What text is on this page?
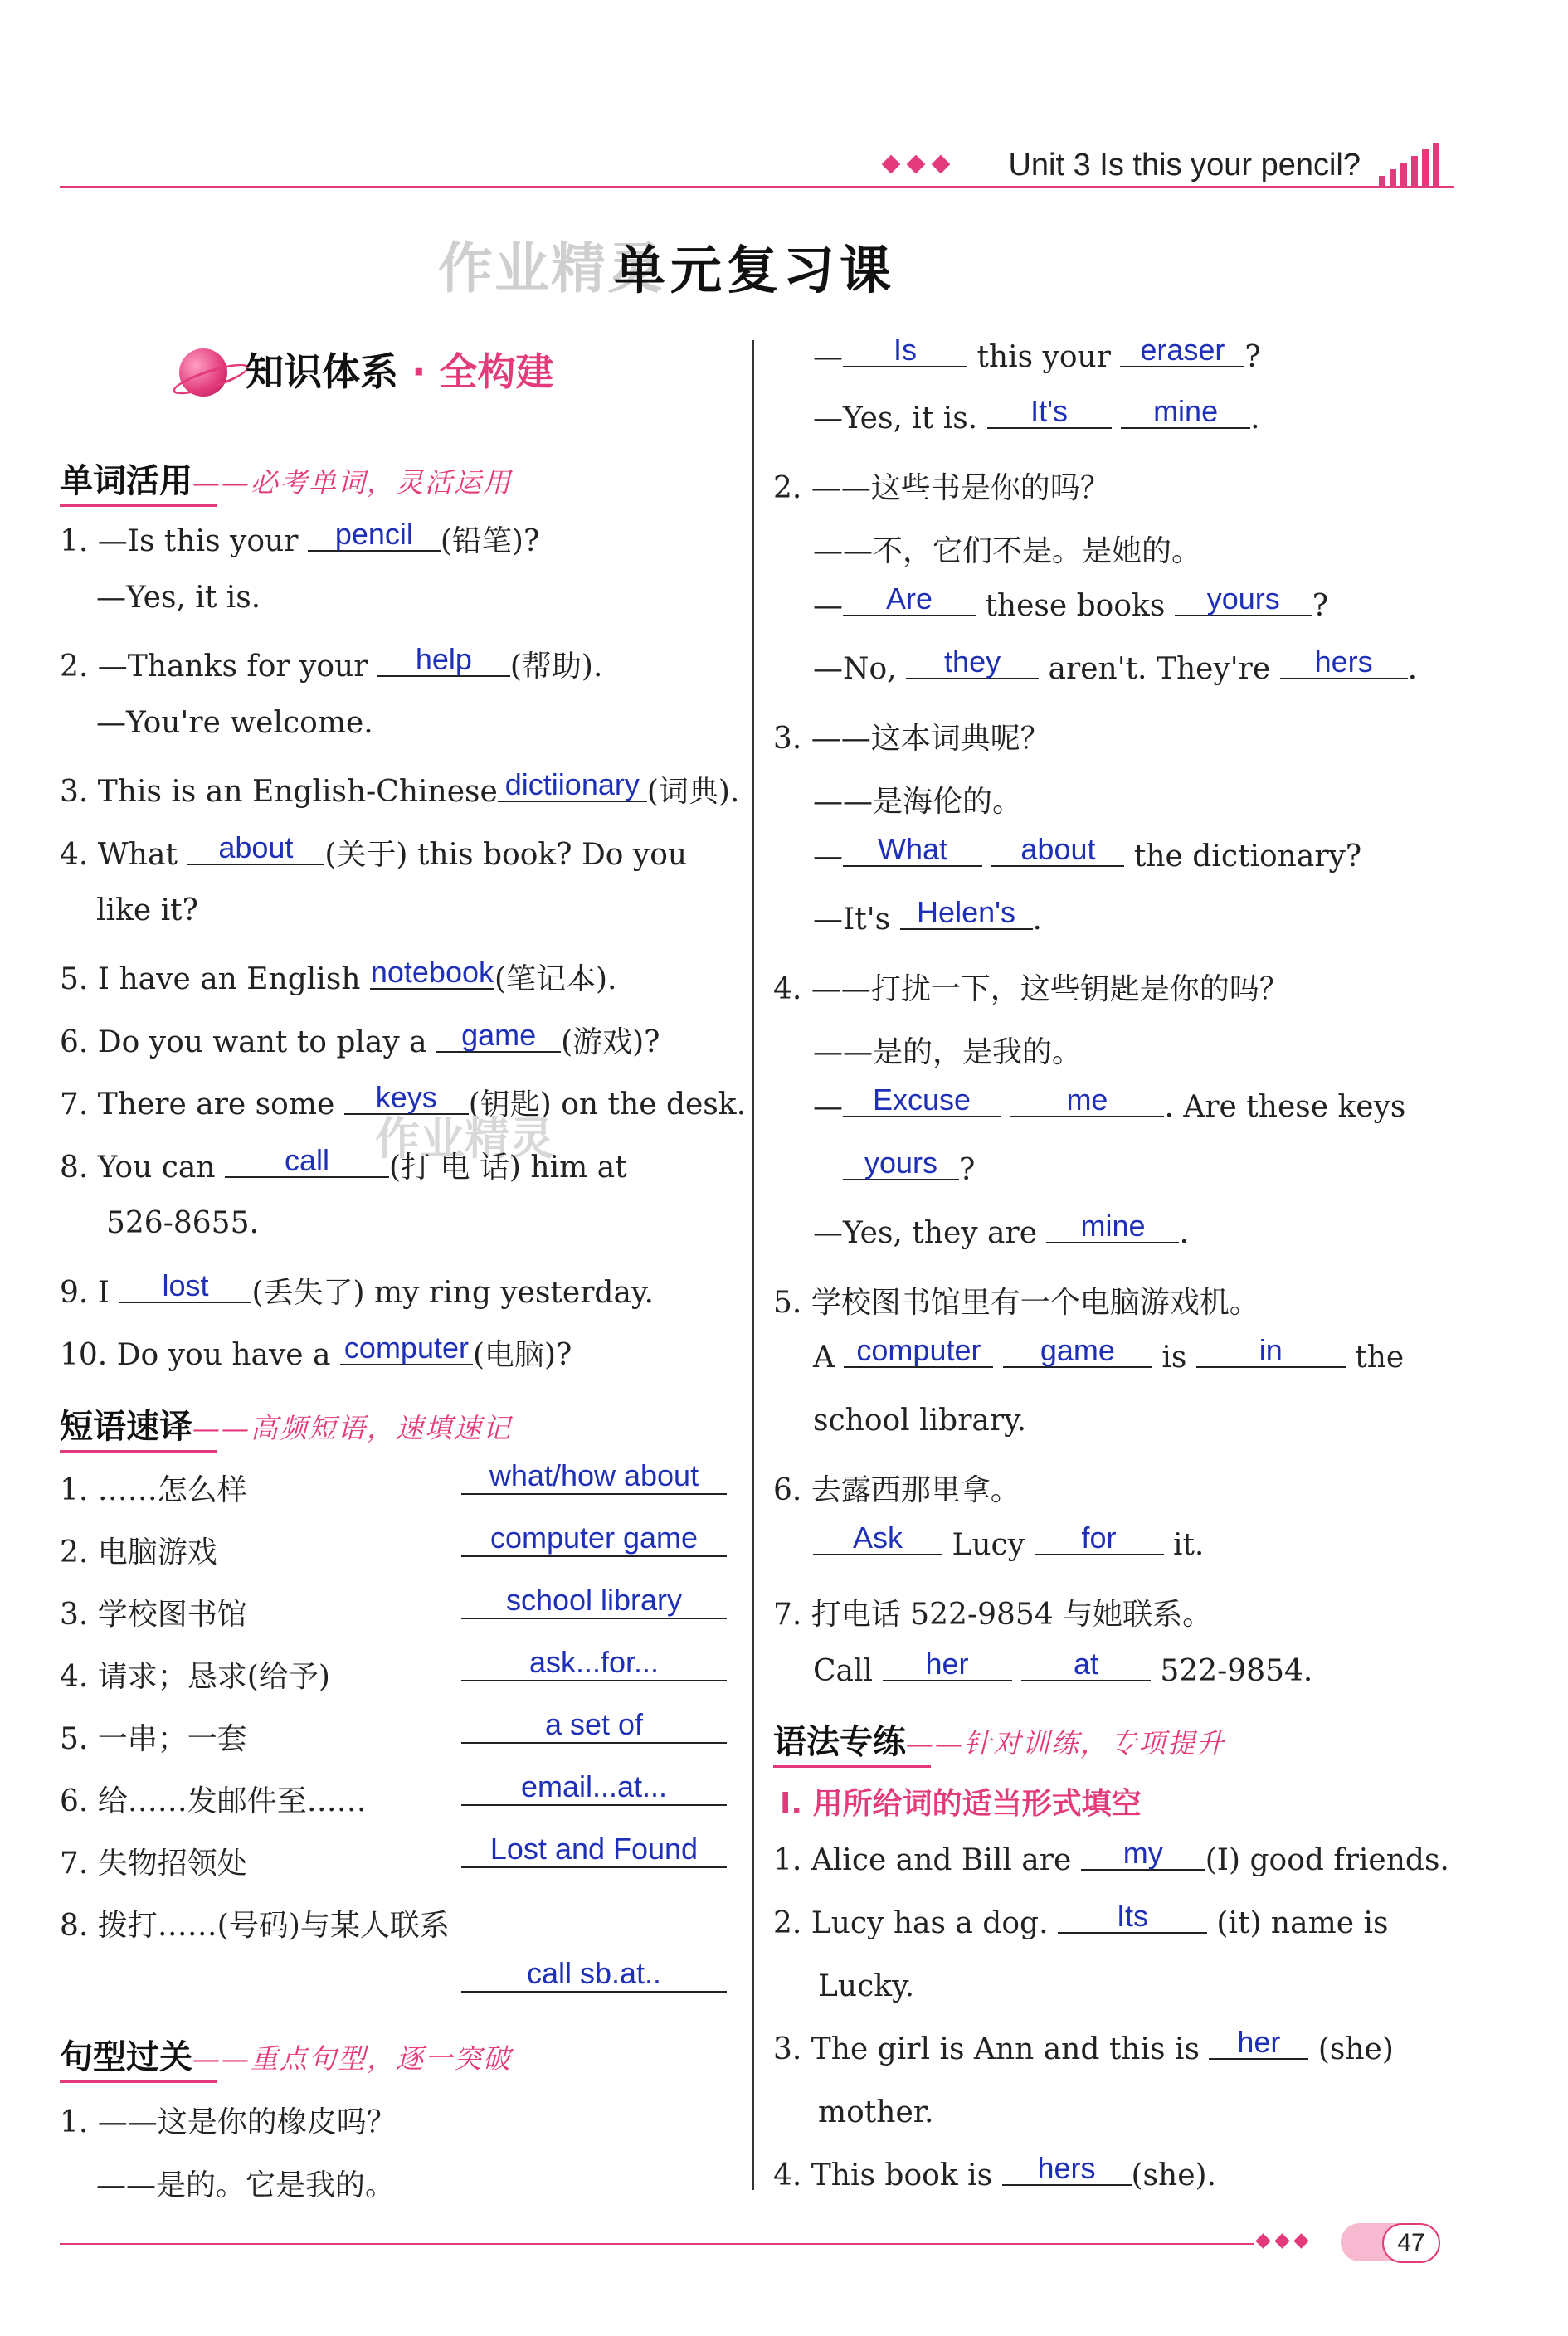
Unit 3 Is this your pencil?
作业精灵
单元复习课
知识体系 · 全构建
单词活用——必考单词，灵活运用
1. —Is this your pencil (铅笔)?
—Yes, it is.
2. —Thanks for your help (帮助).
—You're welcome.
3. This is an English-Chinese dictiionary (词典).
4. What about (关于) this book? Do you
like it?
5. I have an English notebook(笔记本).
6. Do you want to play a game (游戏)?
7. There are some keys (钥匙) on the desk.
作业精灵
8. You can call (打 电 话) him at
526-8655.
9. I lost (丢失了) my ring yesterday.
10. Do you have a computer (电脑)?
短语速译——高频短语，速填速记
1. ……怎么样	what/how about
2. 电脑游戏	computer game
3. 学校图书馆	school library
4. 请求；恳求(给予)	ask...for...
5. 一串；一套	a set of
6. 给……发邮件至……	email...at...
7. 失物招领处	Lost and Found
8. 拨打……(号码)与某人联系
call sb.at..
句型过关——重点句型，逐一突破
1. ——这是你的橡皮吗？
——是的。它是我的。
— Is this your eraser ?
—Yes, it is. It's	mine .
2. ——这些书是你的吗？
——不，它们不是。是她的。
— Are these books yours ?
—No, they aren't. They're hers .
3. ——这本词典呢？
——是海伦的。
— What about the dictionary?
—It's Helen's .
4. ——打扰一下，这些钥匙是你的吗？
——是的，是我的。
— Excuse	me . Are these keys
yours ?
—Yes, they are mine .
5. 学校图书馆里有一个电脑游戏机。
A computer game is in the
school library.
6. 去露西那里拿。
Ask Lucy for it.
7. 打电话 522-9854 与她联系。
Call her	at 522-9854.
语法专练——针对训练，专项提升
Ⅰ. 用所给词的适当形式填空
1. Alice and Bill are my (I) good friends.
2. Lucy has a dog. Its (it) name is
Lucky.
3. The girl is Ann and this is her (she)
mother.
4. This book is hers (she).
47
